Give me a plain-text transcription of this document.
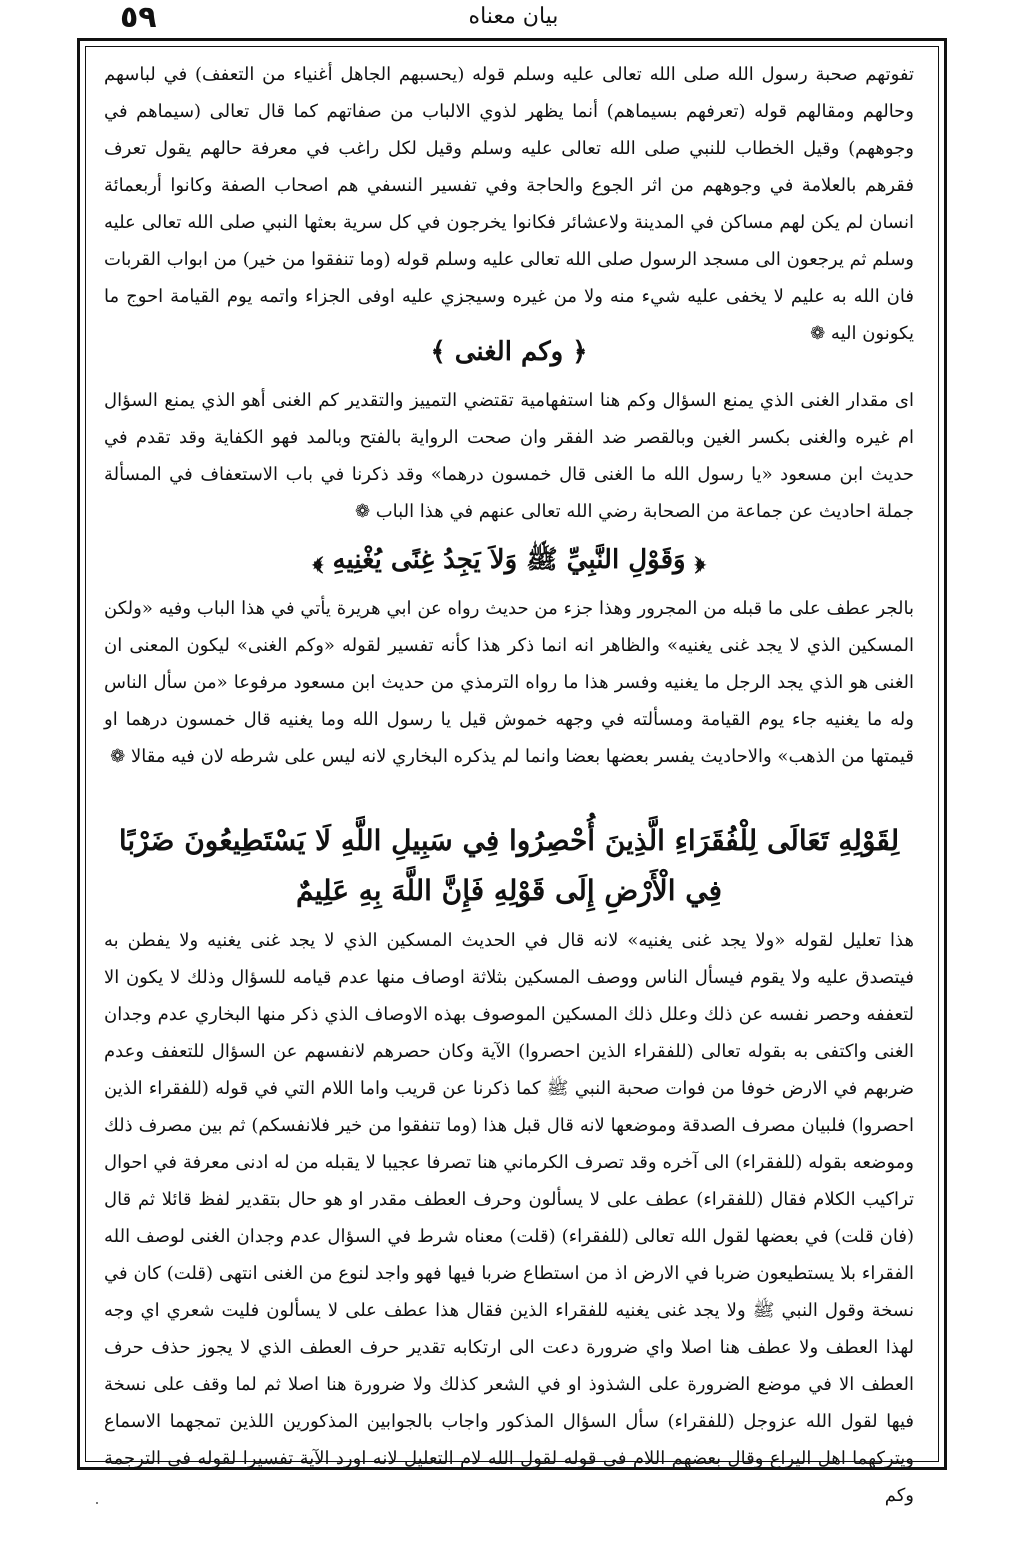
٥٩	بيان معناه

تفوتهم صحبة رسول الله صلى الله تعالى عليه وسلم قوله (يحسبهم الجاهل أغنياء من التعفف) في لباسهم وحالهم ومقالهم قوله (تعرفهم بسيماهم) أنما يظهر لذوي الالباب من صفاتهم كما قال تعالى (سيماهم في وجوههم) وقيل الخطاب للنبي صلى الله تعالى عليه وسلم وقيل لكل راغب في معرفة حالهم يقول تعرف فقرهم بالعلامة في وجوههم من اثر الجوع والحاجة وفي تفسير النسفي هم اصحاب الصفة وكانوا أربعمائة انسان لم يكن لهم مساكن في المدينة ولاعشائر فكانوا يخرجون في كل سرية بعثها النبي صلى الله تعالى عليه وسلم ثم يرجعون الى مسجد الرسول صلى الله تعالى عليه وسلم قوله (وما تنفقوا من خير) من ابواب القربات فان الله به عليم لا يخفى عليه شيء منه ولا من غيره وسيجزي عليه اوفى الجزاء واتمه يوم القيامة احوج ما يكونون اليه ❁

﴿ وكم الغنى ﴾

اى مقدار الغنى الذي يمنع السؤال وكم هنا استفهامية تقتضي التمييز والتقدير كم الغنى أهو الذي يمنع السؤال ام غيره والغنى بكسر الغين وبالقصر ضد الفقر وان صحت الرواية بالفتح وبالمد فهو الكفاية وقد تقدم في حديث ابن مسعود «يا رسول الله ما الغنى قال خمسون درهما» وقد ذكرنا في باب الاستعفاف في المسألة جملة احاديث عن جماعة من الصحابة رضي الله تعالى عنهم في هذا الباب ❁

﴿ وَقَوْلِ النَّبِيِّ ﷺ وَلاَ يَجِدُ غِنًى يُغْنِيهِ ﴾

بالجر عطف على ما قبله من المجرور وهذا جزء من حديث رواه عن ابي هريرة يأتي في هذا الباب وفيه «ولكن المسكين الذي لا يجد غنى يغنيه» والظاهر انه انما ذكر هذا كأنه تفسير لقوله «وكم الغنى» ليكون المعنى ان الغنى هو الذي يجد الرجل ما يغنيه وفسر هذا ما رواه الترمذي من حديث ابن مسعود مرفوعا «من سأل الناس وله ما يغنيه جاء يوم القيامة ومسألته في وجهه خموش قيل يا رسول الله وما يغنيه قال خمسون درهما او قيمتها من الذهب» والاحاديث يفسر بعضها بعضا وانما لم يذكره البخاري لانه ليس على شرطه لان فيه مقالا ❁

لِقَوْلِهِ تَعَالَى لِلْفُقَرَاءِ الَّذِينَ أُحْصِرُوا فِي سَبِيلِ اللَّهِ لَا يَسْتَطِيعُونَ ضَرْبًا فِي الْأَرْضِ إِلَى قَوْلِهِ فَإِنَّ اللَّهَ بِهِ عَلِيمٌ

هذا تعليل لقوله «ولا يجد غنى يغنيه» لانه قال في الحديث المسكين الذي لا يجد غنى يغنيه ولا يفطن به فيتصدق عليه ولا يقوم فيسأل الناس ووصف المسكين بثلاثة اوصاف منها عدم قيامه للسؤال وذلك لا يكون الا لتعففه وحصر نفسه عن ذلك وعلل ذلك المسكين الموصوف بهذه الاوصاف الذي ذكر منها البخاري عدم وجدان الغنى واكتفى به بقوله تعالى (للفقراء الذين احصروا) الآية وكان حصرهم لانفسهم عن السؤال للتعفف وعدم ضربهم في الارض خوفا من فوات صحبة النبي ﷺ كما ذكرنا عن قريب واما اللام التي في قوله (للفقراء الذين احصروا) فلبيان مصرف الصدقة وموضعها لانه قال قبل هذا (وما تنفقوا من خير فلانفسكم) ثم بين مصرف ذلك وموضعه بقوله (للفقراء) الى آخره وقد تصرف الكرماني هنا تصرفا عجيبا لا يقبله من له ادنى معرفة في احوال تراكيب الكلام فقال (للفقراء) عطف على لا يسألون وحرف العطف مقدر او هو حال بتقدير لفظ قائلا ثم قال (فان قلت) في بعضها لقول الله تعالى (للفقراء) (قلت) معناه شرط في السؤال عدم وجدان الغنى لوصف الله الفقراء بلا يستطيعون ضربا في الارض اذ من استطاع ضربا فيها فهو واجد لنوع من الغنى انتهى (قلت) كان في نسخة وقول النبي ﷺ ولا يجد غنى يغنيه للفقراء الذين فقال هذا عطف على لا يسألون فليت شعري اي وجه لهذا العطف ولا عطف هنا اصلا واي ضرورة دعت الى ارتكابه تقدير حرف العطف الذي لا يجوز حذف حرف العطف الا في موضع الضرورة على الشذوذ او في الشعر كذلك ولا ضرورة هنا اصلا ثم لما وقف على نسخة فيها لقول الله عزوجل (للفقراء) سأل السؤال المذكور واجاب بالجوابين المذكورين اللذين تمجهما الاسماع ويتركهما اهل اليراع وقال بعضهم اللام في قوله لقول الله لام التعليل لانه اورد الآية تفسيرا لقوله في الترجمة وكم
